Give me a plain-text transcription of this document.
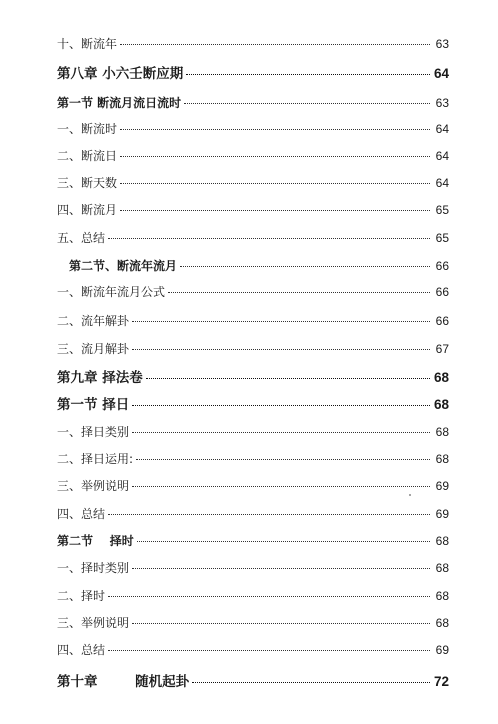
十、断流年	63
第八章 小六壬断应期	64
第一节 断流月流日流时	63
一、断流时	64
二、断流日	64
三、断天数	64
四、断流月	65
五、总结	65
第二节、断流年流月	66
一、断流年流月公式	66
二、流年解卦	66
三、流月解卦	67
第九章 择法卷	68
第一节 择日	68
一、择日类别	68
二、择日运用:	68
三、举例说明	69
四、总结	69
第二节    择时	68
一、择时类别	68
二、择时	68
三、举例说明	68
四、总结	69
第十章        随机起卦	72
